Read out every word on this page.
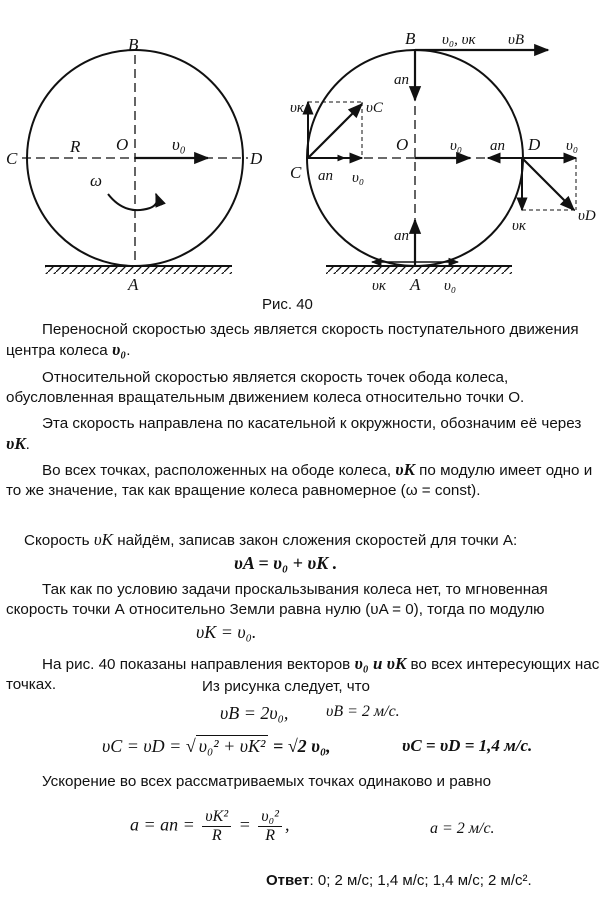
B
C	D
A
O
R
ω
υ₀
B υ₀, υк υB
an
υк	υC
C an υ₀
O	υ₀ an D υ₀
υк
υD
an
υк A υ₀
Рис. 40

Переносной скоростью здесь является скорость поступательного движения центра колеса υ₀.

Относительной скоростью является скорость точек обода колеса, обусловленная вращательным движением колеса относительно точки О.

Эта скорость направлена по касательной к окружности, обозначим её через υK.

Во всех точках, расположенных на ободе колеса, υK по модулю имеет одно и то же значение, так как вращение колеса равномерное (ω = const).

Скорость υK найдём, записав закон сложения скоростей для точки А:

υA = υ₀ + υK .

Так как по условию задачи проскальзывания колеса нет, то мгновенная скорость точки А относительно Земли равна нулю (υA = 0), тогда по модулю

υK = υ₀.

На рис. 40 показаны направления векторов υ₀ и υK во всех интересующих нас точках.	Из рисунка следует, что
υB = 2υ₀, υB = 2 м/с.
υC = υD = √ υ₀² + υK² = √2 υ₀,	υC = υD = 1,4 м/с.

Ускорение во всех рассматриваемых точках одинаково и равно

a = an = $\frac{\text{υK²}}{R} = \frac{\text{υ₀²}}{R}$ ,	a = 2 м/с.
Ответ: 0; 2 м/с; 1,4 м/с; 1,4 м/с; 2 м/с².
